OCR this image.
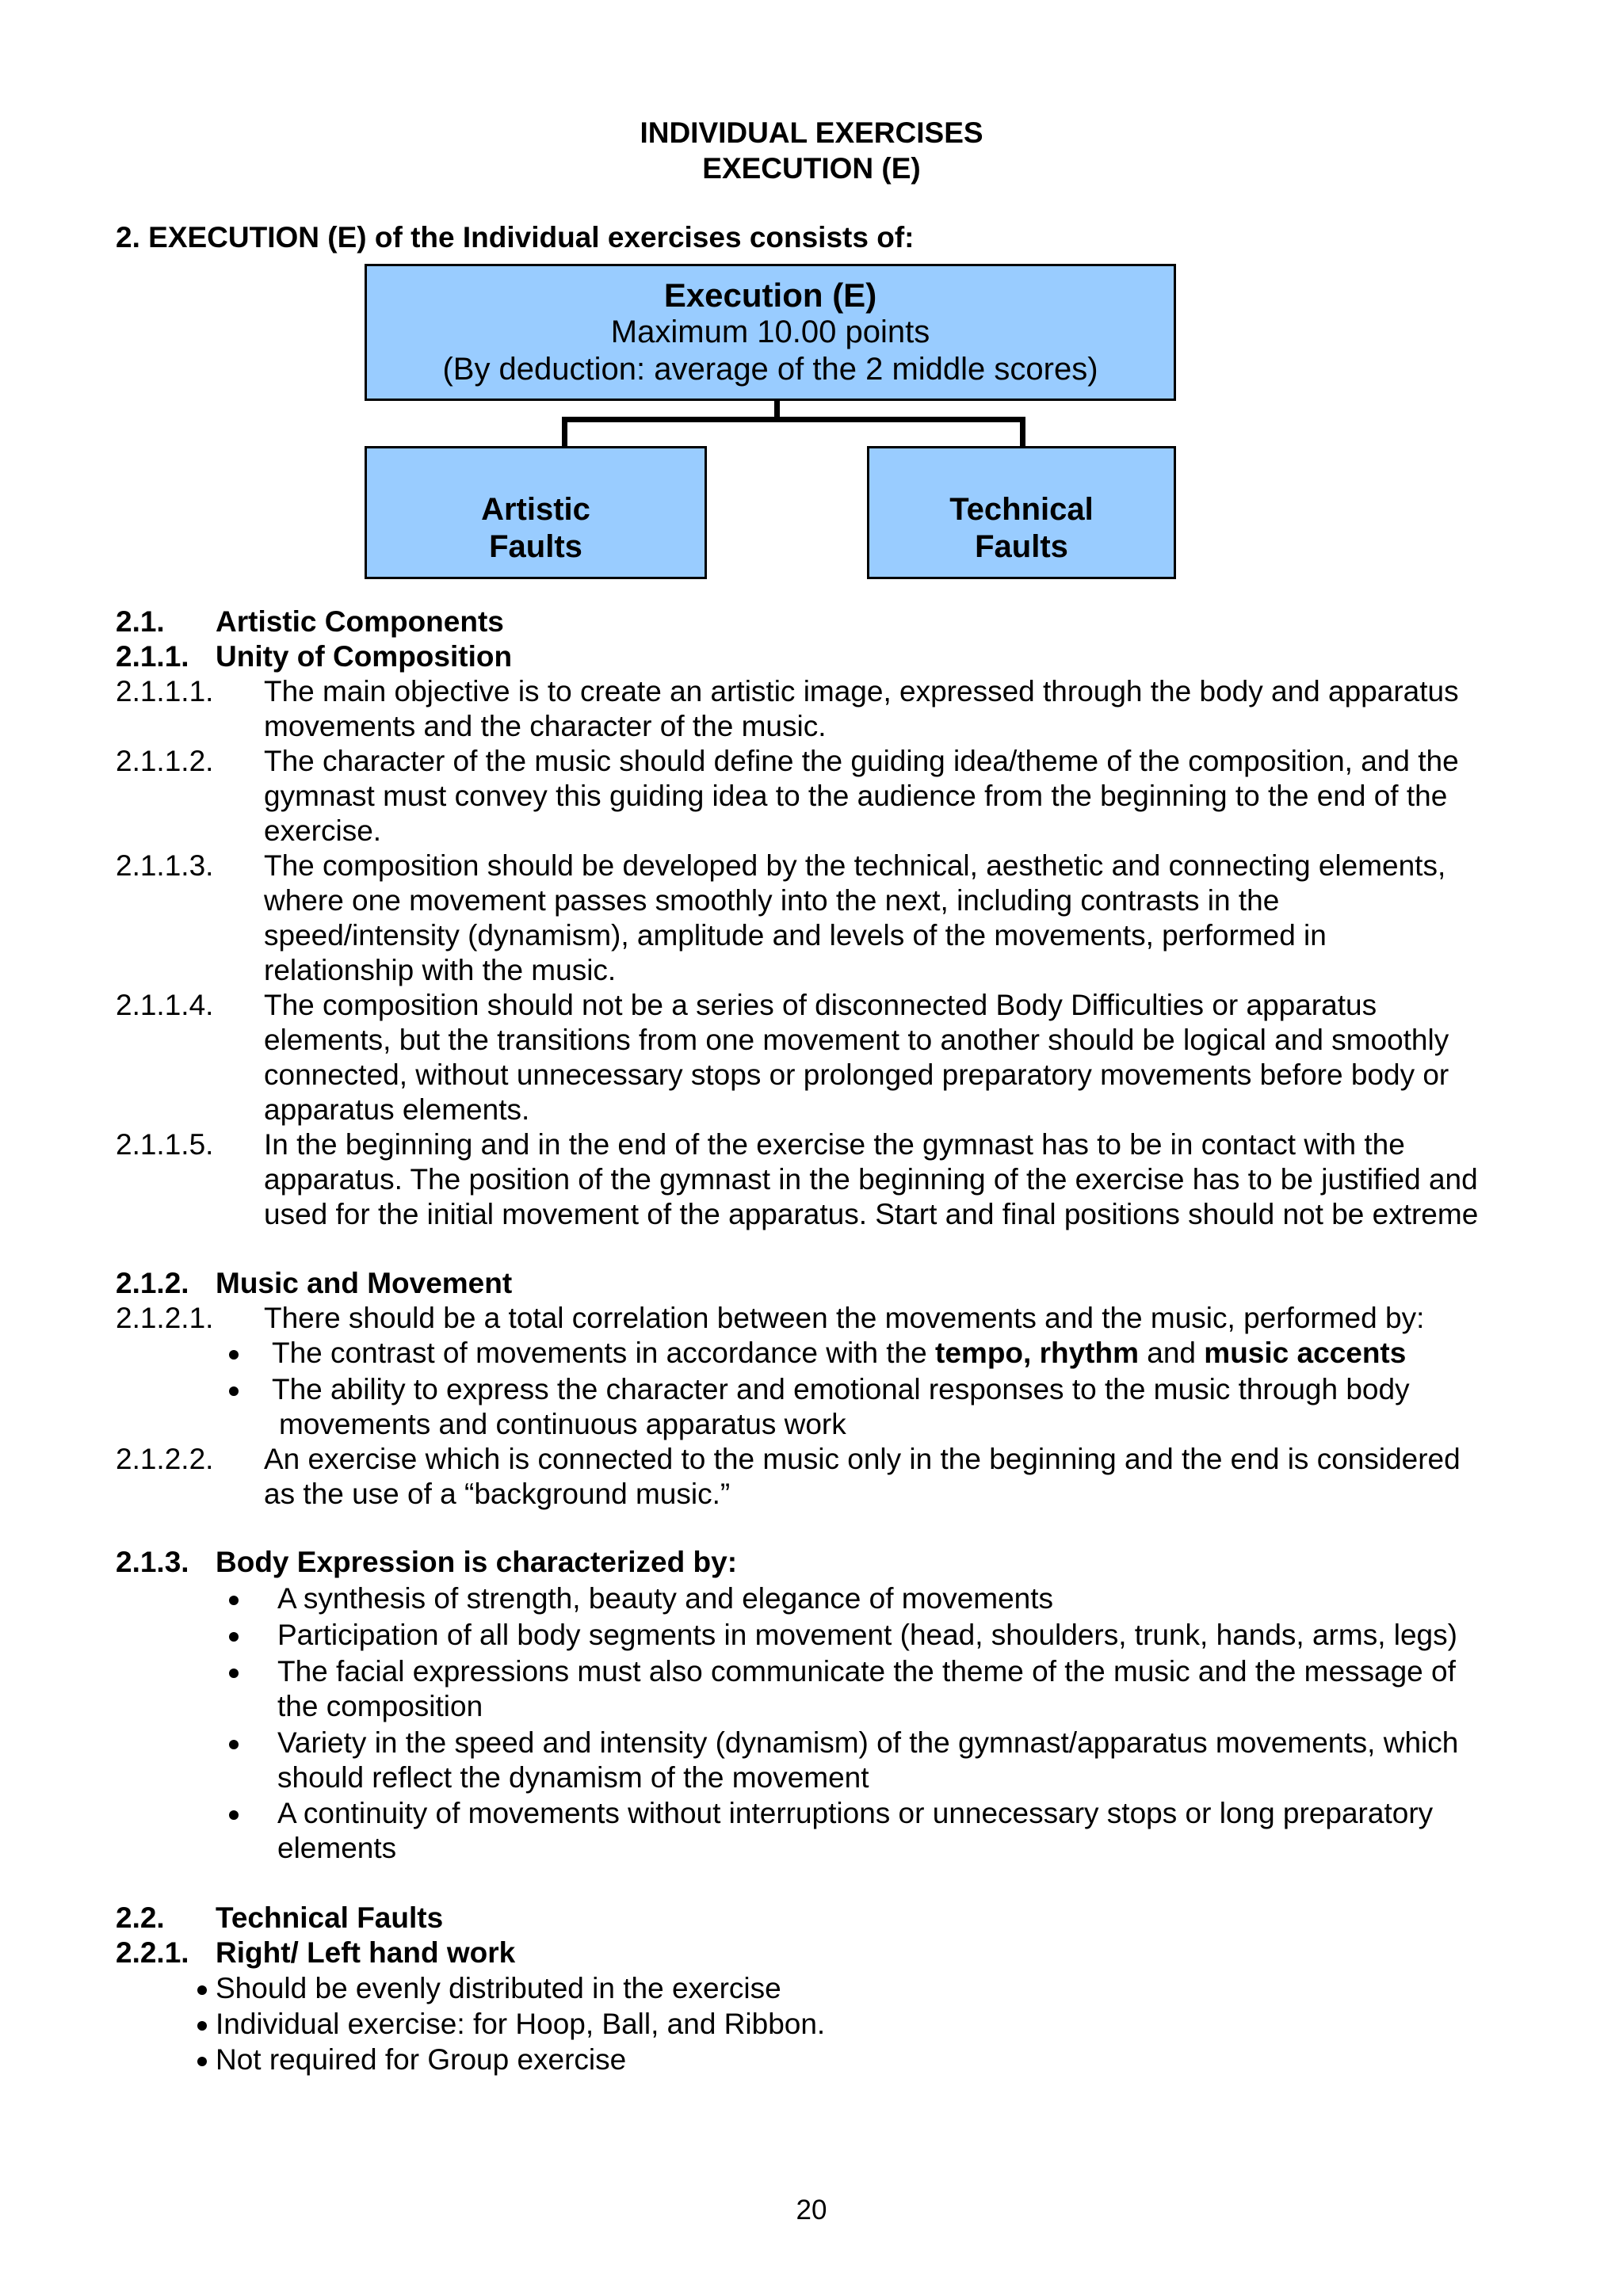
INDIVIDUAL EXERCISES
EXECUTION (E)
2. EXECUTION (E) of the Individual exercises consists of:
Execution (E)
Maximum 10.00 points
(By deduction: average of the 2 middle scores)
Artistic
Faults
Technical
Faults
2.1. Artistic Components
2.1.1. Unity of Composition
2.1.1.1. The main objective is to create an artistic image, expressed through the body and apparatus
movements and the character of the music.
2.1.1.2. The character of the music should define the guiding idea/theme of the composition, and the
gymnast must convey this guiding idea to the audience from the beginning to the end of the
exercise.
2.1.1.3. The composition should be developed by the technical, aesthetic and connecting elements,
where one movement passes smoothly into the next, including contrasts in the
speed/intensity (dynamism), amplitude and levels of the movements, performed in
relationship with the music.
2.1.1.4. The composition should not be a series of disconnected Body Difficulties or apparatus
elements, but the transitions from one movement to another should be logical and smoothly
connected, without unnecessary stops or prolonged preparatory movements before body or
apparatus elements.
2.1.1.5. In the beginning and in the end of the exercise the gymnast has to be in contact with the
apparatus. The position of the gymnast in the beginning of the exercise has to be justified and
used for the initial movement of the apparatus. Start and final positions should not be extreme
2.1.2. Music and Movement
2.1.2.1. There should be a total correlation between the movements and the music, performed by:
The contrast of movements in accordance with the tempo, rhythm and music accents
The ability to express the character and emotional responses to the music through body
movements and continuous apparatus work
2.1.2.2. An exercise which is connected to the music only in the beginning and the end is considered
as the use of a “background music.”
2.1.3. Body Expression is characterized by:
A synthesis of strength, beauty and elegance of movements
Participation of all body segments in movement (head, shoulders, trunk, hands, arms, legs)
The facial expressions must also communicate the theme of the music and the message of
the composition
Variety in the speed and intensity (dynamism) of the gymnast/apparatus movements, which
should reflect the dynamism of the movement
A continuity of movements without interruptions or unnecessary stops or long preparatory
elements
2.2. Technical Faults
2.2.1. Right/ Left hand work
Should be evenly distributed in the exercise
Individual exercise: for Hoop, Ball, and Ribbon.
Not required for Group exercise
20
